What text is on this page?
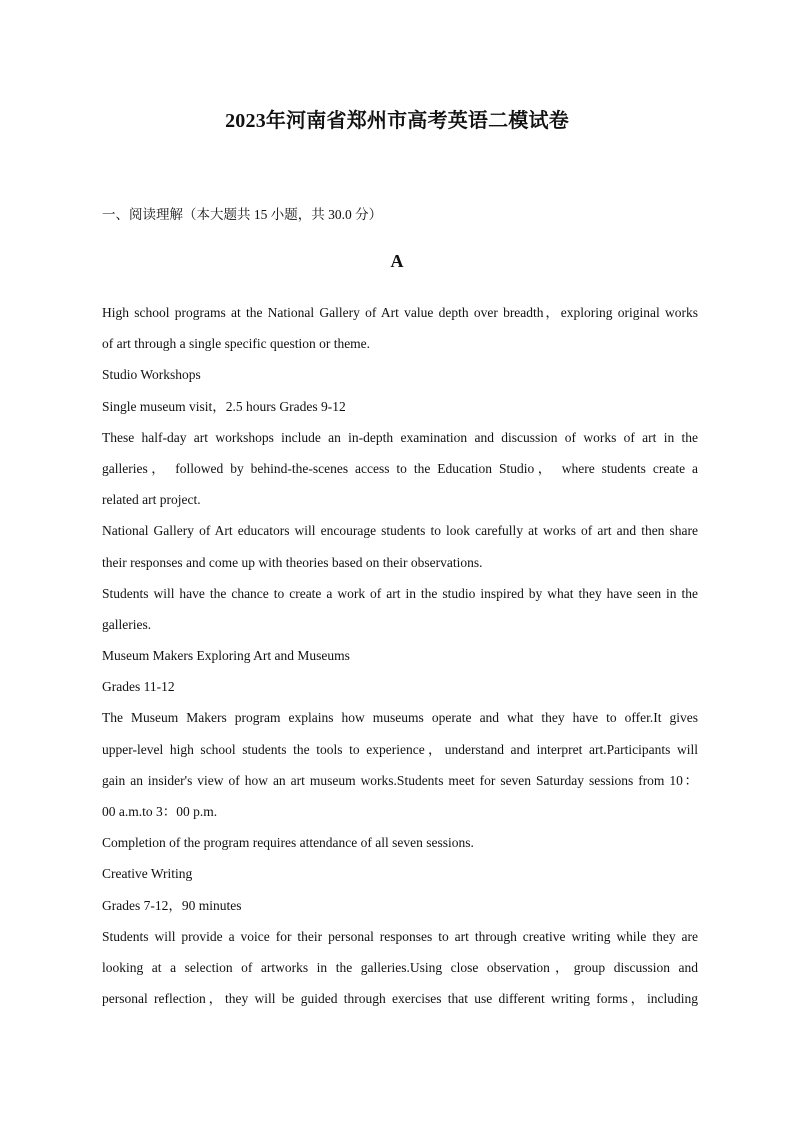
2023年河南省郑州市高考英语二模试卷
一、阅读理解（本大题共 15 小题，共 30.0 分）
A
High school programs at the National Gallery of Art value depth over breadth，exploring original works
of art through a single specific question or theme.
Studio Workshops
Single museum visit，2.5 hours Grades 9-12
These half-day art workshops include an in-depth examination and discussion of works of art in the
galleries， followed by behind-the-scenes access to the Education Studio， where students create a
related art project.
National Gallery of Art educators will encourage students to look carefully at works of art and then share
their responses and come up with theories based on their observations.
Students will have the chance to create a work of art in the studio inspired by what they have seen in the
galleries.
Museum Makers Exploring Art and Museums
Grades 11-12
The Museum Makers program explains how museums operate and what they have to offer.It gives
upper-level high school students the tools to experience，understand and interpret art.Participants will
gain an insider's view of how an art museum works.Students meet for seven Saturday sessions from 10：
00 a.m.to 3：00 p.m.
Completion of the program requires attendance of all seven sessions.
Creative Writing
Grades 7-12，90 minutes
Students will provide a voice for their personal responses to art through creative writing while they are
looking at a selection of artworks in the galleries.Using close observation，group discussion and
personal reflection，they will be guided through exercises that use different writing forms，including
